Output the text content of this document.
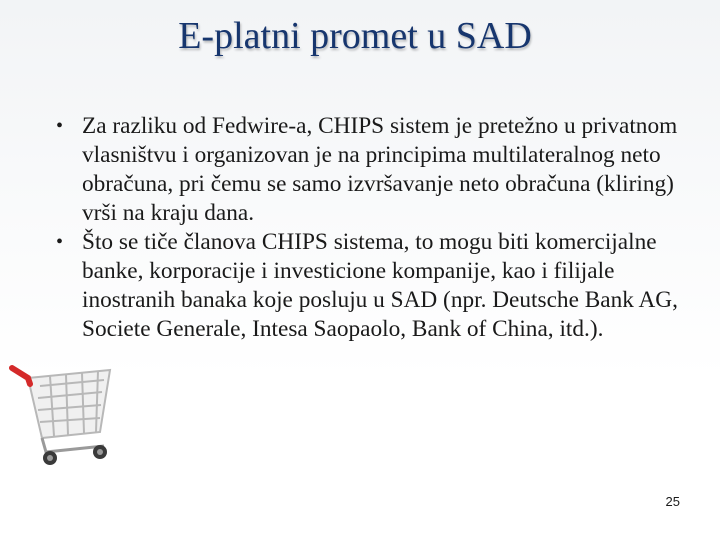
E-platni promet u SAD
• Za razliku od Fedwire-a, CHIPS sistem je pretežno u privatnom vlasništvu i organizovan je na principima multilateralnog neto obračuna, pri čemu se samo izvršavanje neto obračuna (kliring) vrši na kraju dana.
• Što se tiče članova CHIPS sistema, to mogu biti komercijalne banke, korporacije i investicione kompanije, kao i filijale inostranih banaka koje posluju u SAD (npr. Deutsche Bank AG, Societe Generale, Intesa Saopaolo, Bank of China, itd.).
25
